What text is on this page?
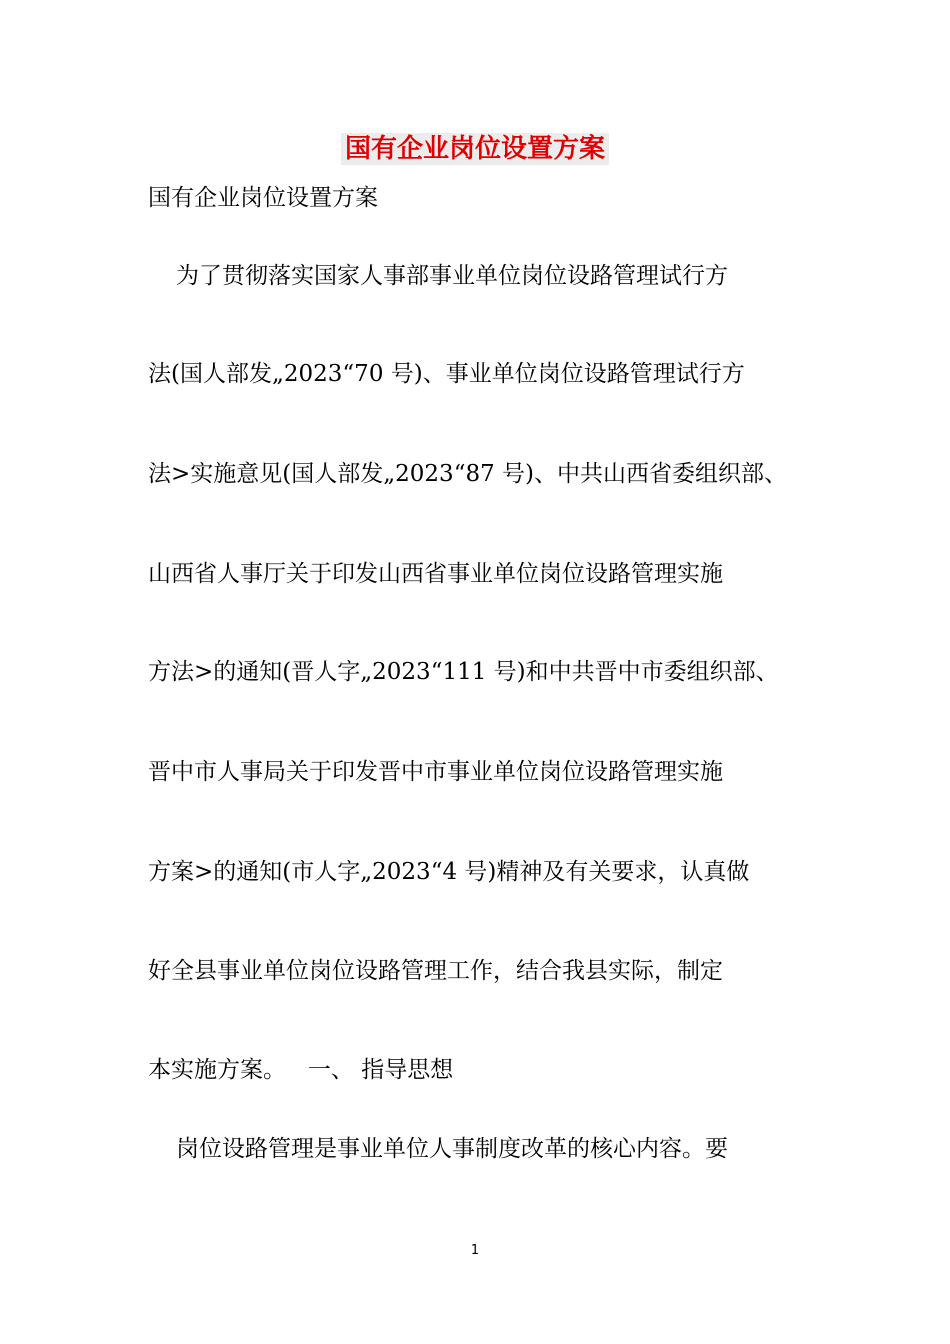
国有企业岗位设置方案

国有企业岗位设置方案

为了贯彻落实国家人事部事业单位岗位设路管理试行方

法(国人部发„2023“70 号)、事业单位岗位设路管理试行方

法>实施意见(国人部发„2023“87 号)、中共山西省委组织部、

山西省人事厅关于印发山西省事业单位岗位设路管理实施

方法>的通知(晋人字„2023“111 号)和中共晋中市委组织部、

晋中市人事局关于印发晋中市事业单位岗位设路管理实施

方案>的通知(市人字„2023“4 号)精神及有关要求，认真做

好全县事业单位岗位设路管理工作，结合我县实际，制定

本实施方案。   一、 指导思想

岗位设路管理是事业单位人事制度改革的核心内容。要

1
